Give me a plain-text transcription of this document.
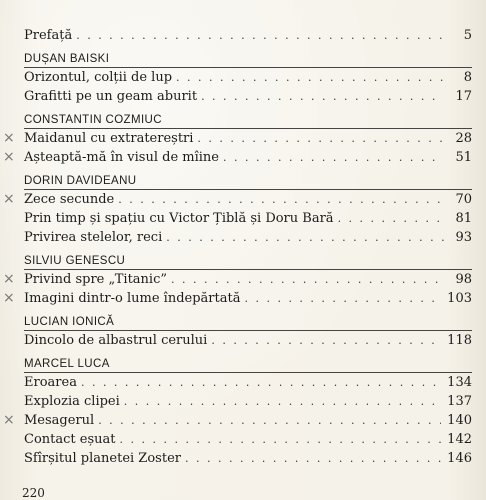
Prefață . . .	5
DUȘAN BAISKI
Orizontul, colții de lup . . .	8
Grafitti pe un geam aburit . . .	17
CONSTANTIN COZMIUC
× Maidanul cu extratereștri . . .	28
× Așteaptă-mă în visul de mîine . . .	51
DORIN DAVIDEANU
× Zece secunde . . .	70
Prin timp și spațiu cu Victor Țiblă și Doru Bară . . .	81
Privirea stelelor, reci . . .	93
SILVIU GENESCU
× Privind spre „Titanic” . . .	98
× Imagini dintr-o lume îndepărtată . . .	103
LUCIAN IONICĂ
Dincolo de albastrul cerului . . .	118
MARCEL LUCA
Eroarea . . .	134
Explozia clipei . . .	137
× Mesagerul . . .	140
Contact eșuat . . .	142
Sfîrșitul planetei Zoster . . .	146
220
